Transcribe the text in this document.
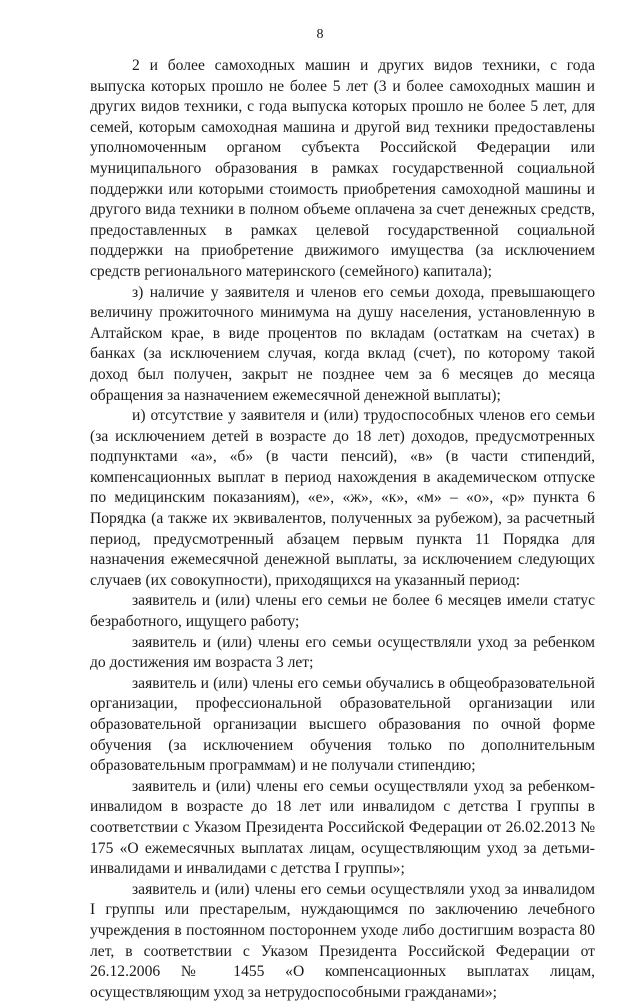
8

2 и более самоходных машин и других видов техники, с года выпуска которых прошло не более 5 лет (3 и более самоходных машин и других видов техники, с года выпуска которых прошло не более 5 лет, для семей, которым самоходная машина и другой вид техники предоставлены уполномоченным органом субъекта Российской Федерации или муниципального образования в рамках государственной социальной поддержки или которыми стоимость приобретения самоходной машины и другого вида техники в полном объеме оплачена за счет денежных средств, предоставленных в рамках целевой государственной социальной поддержки на приобретение движимого имущества (за исключением средств регионального материнского (семейного) капитала);

з) наличие у заявителя и членов его семьи дохода, превышающего величину прожиточного минимума на душу населения, установленную в Алтайском крае, в виде процентов по вкладам (остаткам на счетах) в банках (за исключением случая, когда вклад (счет), по которому такой доход был получен, закрыт не позднее чем за 6 месяцев до месяца обращения за назначением ежемесячной денежной выплаты);

и) отсутствие у заявителя и (или) трудоспособных членов его семьи (за исключением детей в возрасте до 18 лет) доходов, предусмотренных подпунктами «а», «б» (в части пенсий), «в» (в части стипендий, компенсационных выплат в период нахождения в академическом отпуске по медицинским показаниям), «е», «ж», «к», «м» – «о», «р» пункта 6 Порядка (а также их эквивалентов, полученных за рубежом), за расчетный период, предусмотренный абзацем первым пункта 11 Порядка для назначения ежемесячной денежной выплаты, за исключением следующих случаев (их совокупности), приходящихся на указанный период:

заявитель и (или) члены его семьи не более 6 месяцев имели статус безработного, ищущего работу;

заявитель и (или) члены его семьи осуществляли уход за ребенком до достижения им возраста 3 лет;

заявитель и (или) члены его семьи обучались в общеобразовательной организации, профессиональной образовательной организации или образовательной организации высшего образования по очной форме обучения (за исключением обучения только по дополнительным образовательным программам) и не получали стипендию;

заявитель и (или) члены его семьи осуществляли уход за ребенком-инвалидом в возрасте до 18 лет или инвалидом с детства I группы в соответствии с Указом Президента Российской Федерации от 26.02.2013 № 175 «О ежемесячных выплатах лицам, осуществляющим уход за детьми-инвалидами и инвалидами с детства I группы»;

заявитель и (или) члены его семьи осуществляли уход за инвалидом I группы или престарелым, нуждающимся по заключению лечебного учреждения в постоянном постороннем уходе либо достигшим возраста 80 лет, в соответствии с Указом Президента Российской Федерации от 26.12.2006 № 1455 «О компенсационных выплатах лицам, осуществляющим уход за нетрудоспособными гражданами»;
